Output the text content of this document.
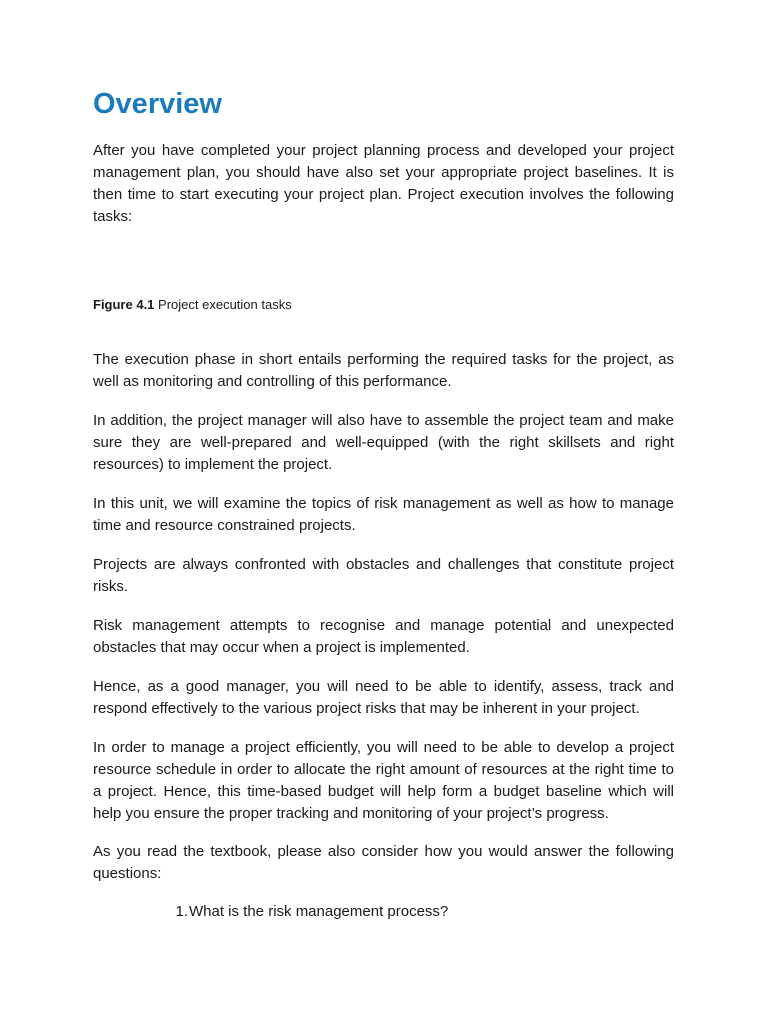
Overview

After you have completed your project planning process and developed your project management plan, you should have also set your appropriate project baselines. It is then time to start executing your project plan. Project execution involves the following tasks:

Figure 4.1 Project execution tasks

The execution phase in short entails performing the required tasks for the project, as well as monitoring and controlling of this performance.

In addition, the project manager will also have to assemble the project team and make sure they are well-prepared and well-equipped (with the right skillsets and right resources) to implement the project.

In this unit, we will examine the topics of risk management as well as how to manage time and resource constrained projects.

Projects are always confronted with obstacles and challenges that constitute project risks.

Risk management attempts to recognise and manage potential and unexpected obstacles that may occur when a project is implemented.

Hence, as a good manager, you will need to be able to identify, assess, track and respond effectively to the various project risks that may be inherent in your project.

In order to manage a project efficiently, you will need to be able to develop a project resource schedule in order to allocate the right amount of resources at the right time to a project. Hence, this time-based budget will help form a budget baseline which will help you ensure the proper tracking and monitoring of your project’s progress.

As you read the textbook, please also consider how you would answer the following questions:

1. What is the risk management process?
